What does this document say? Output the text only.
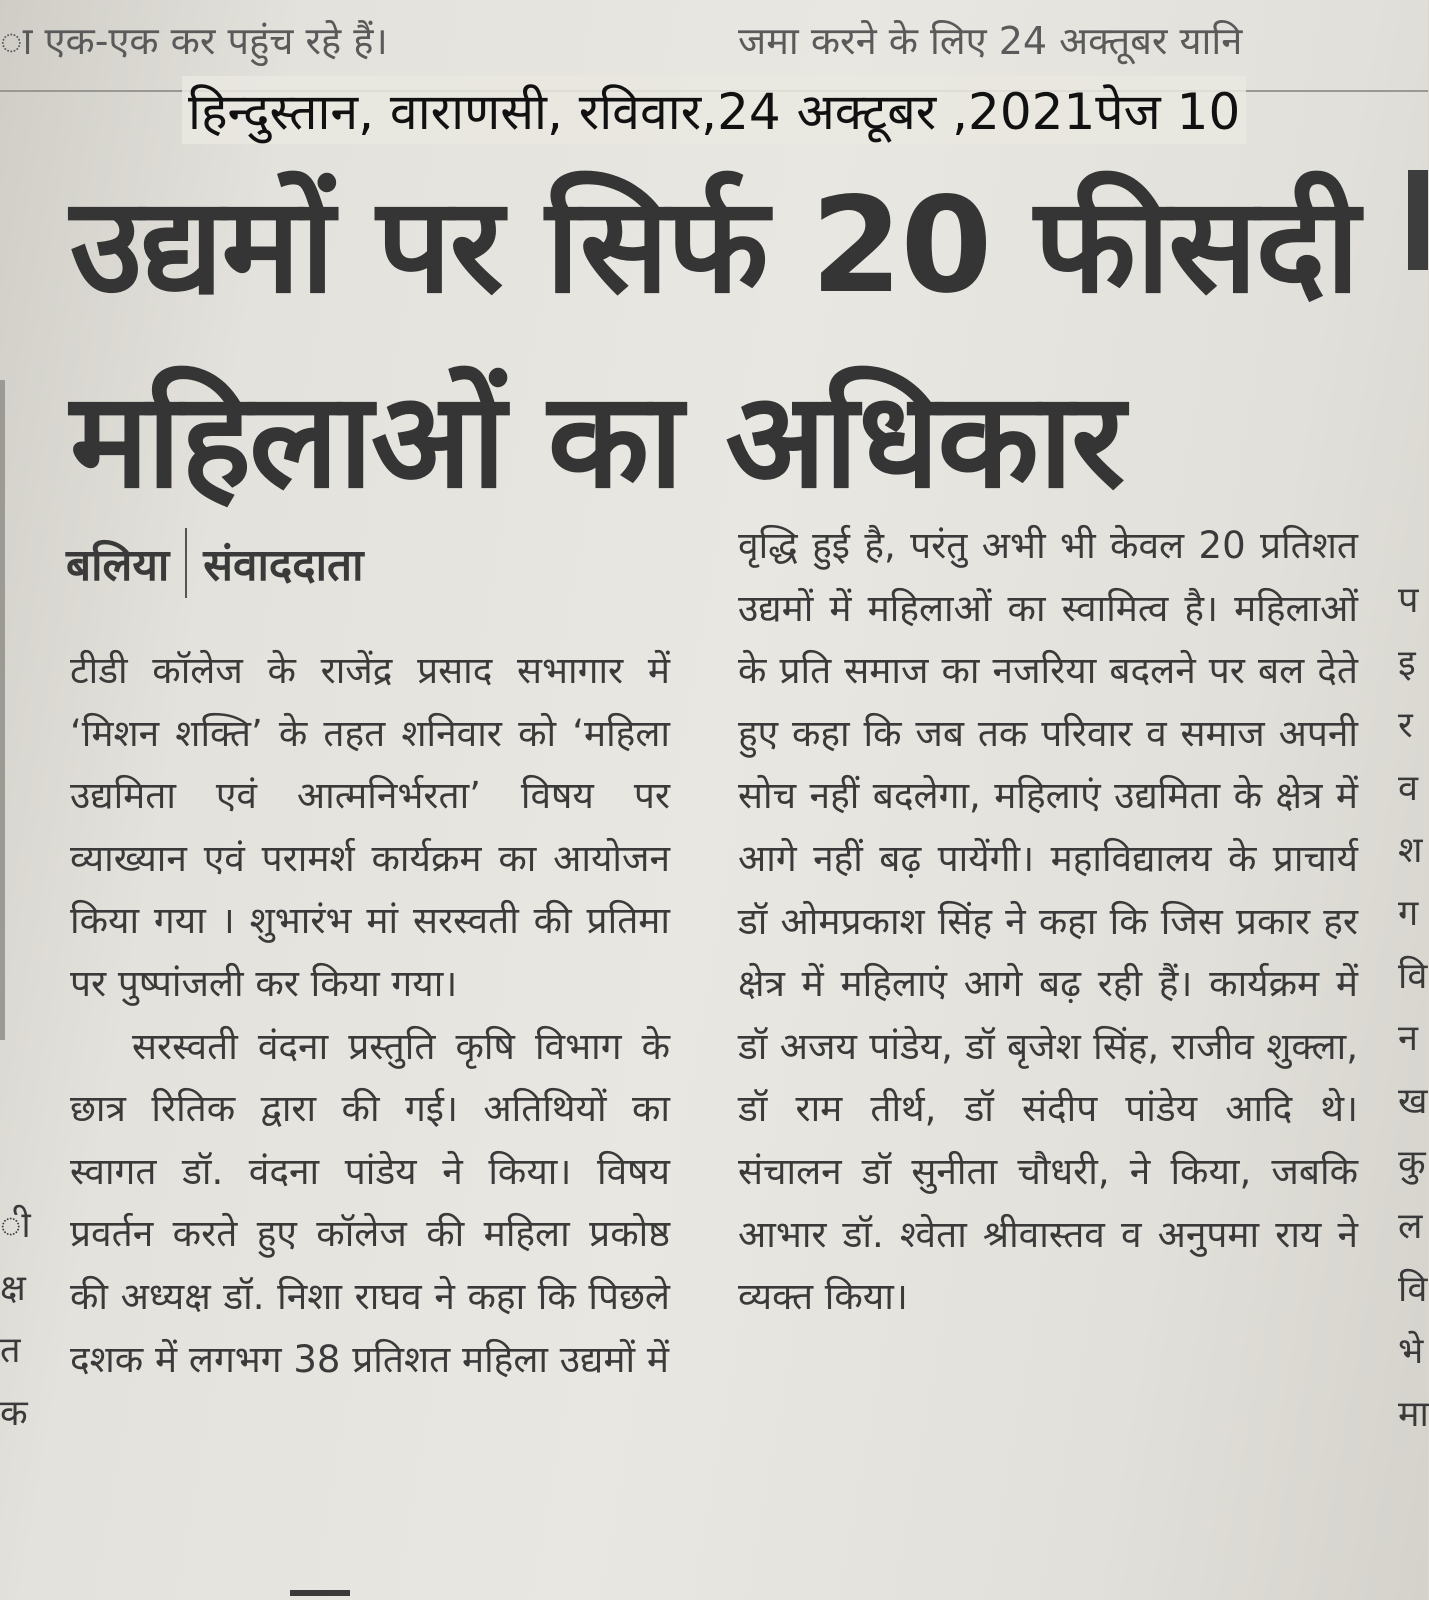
ा एक-एक कर पहुंच रहे हैं।	जमा करने के लिए 24 अक्तूबर यानि
हिन्दुस्तान, वाराणसी, रविवार,24 अक्टूबर ,2021पेज 10
उद्यमों पर सिर्फ 20 फीसदी
महिलाओं का अधिकार
बलिया संवाददाता

टीडी कॉलेज के राजेंद्र प्रसाद सभागार में ‘मिशन शक्ति’ के तहत शनिवार को ‘महिला उद्यमिता एवं आत्मनिर्भरता’ विषय पर व्याख्यान एवं परामर्श कार्यक्रम का आयोजन किया गया । शुभारंभ मां सरस्वती की प्रतिमा पर पुष्पांजली कर किया गया।

सरस्वती वंदना प्रस्तुति कृषि विभाग के छात्र रितिक द्वारा की गई। अतिथियों का स्वागत डॉ. वंदना पांडेय ने किया। विषय प्रवर्तन करते हुए कॉलेज की महिला प्रकोष्ठ की अध्यक्ष डॉ. निशा राघव ने कहा कि पिछले दशक में लगभग 38 प्रतिशत महिला उद्यमों में

वृद्धि हुई है, परंतु अभी भी केवल 20 प्रतिशत उद्यमों में महिलाओं का स्वामित्व है। महिलाओं के प्रति समाज का नजरिया बदलने पर बल देते हुए कहा कि जब तक परिवार व समाज अपनी सोच नहीं बदलेगा, महिलाएं उद्यमिता के क्षेत्र में आगे नहीं बढ़ पायेंगी। महाविद्यालय के प्राचार्य डॉ ओमप्रकाश सिंह ने कहा कि जिस प्रकार हर क्षेत्र में महिलाएं आगे बढ़ रही हैं। कार्यक्रम में डॉ अजय पांडेय, डॉ बृजेश सिंह, राजीव शुक्ला, डॉ राम तीर्थ, डॉ संदीप पांडेय आदि थे। संचालन डॉ सुनीता चौधरी, ने किया, जबकि आभार डॉ. श्वेता श्रीवास्तव व अनुपमा राय ने व्यक्त किया।

ी
क्ष
त
क
प
इ
र
व
श
ग
वि
न
ख
कु
ल
वि
भे
मा
